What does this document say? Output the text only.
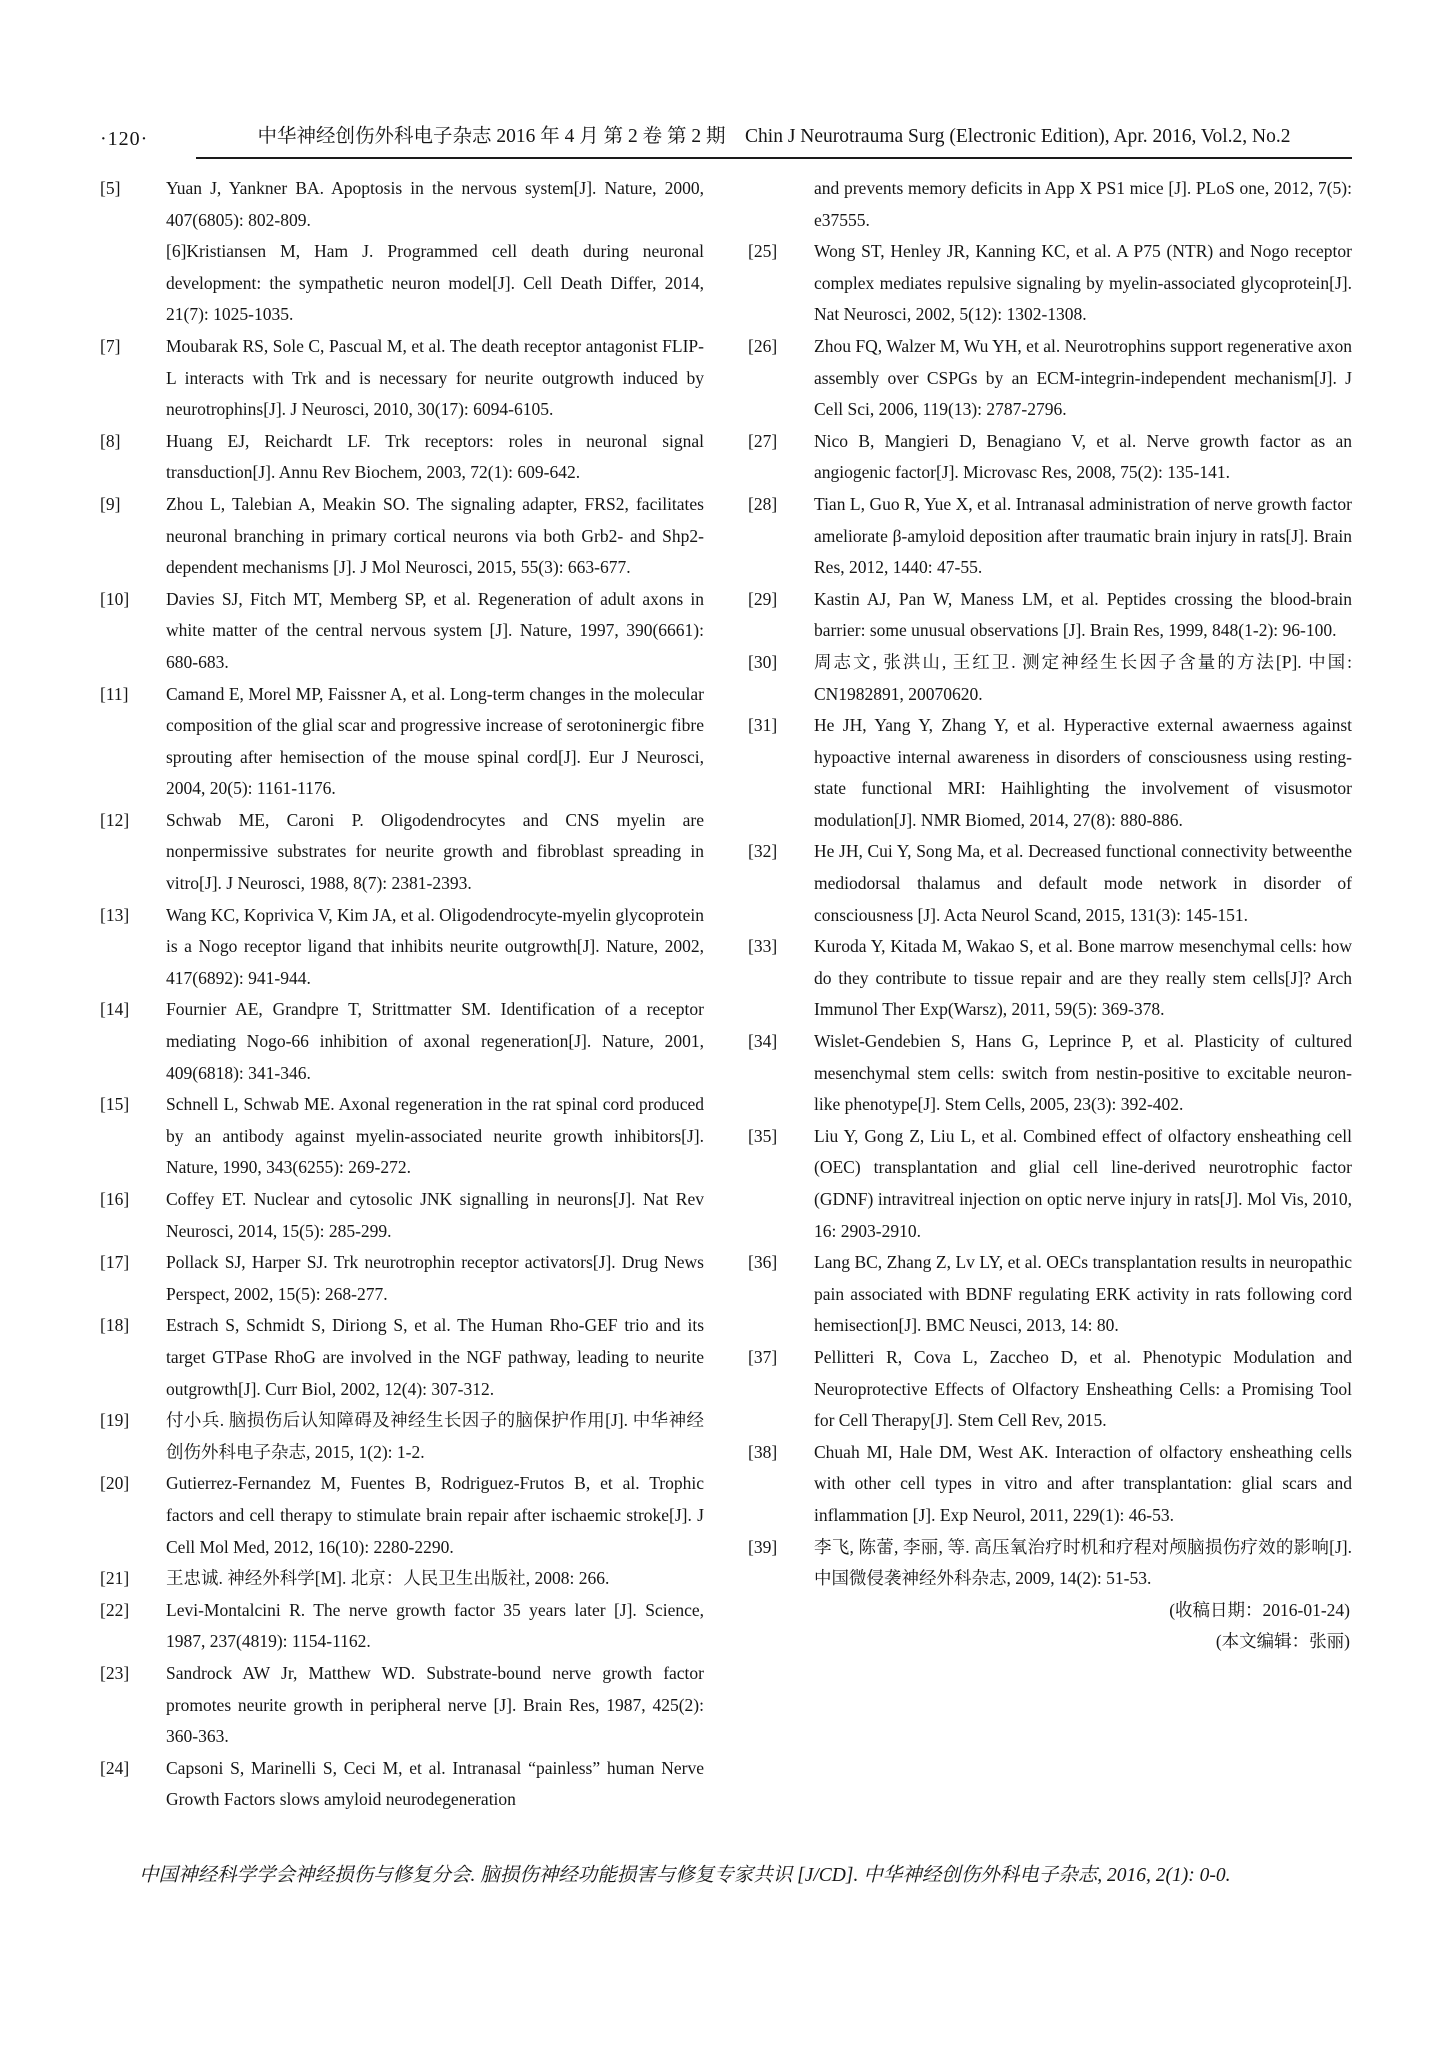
·120·	中华神经创伤外科电子杂志 2016 年 4 月 第 2 卷 第 2 期　Chin J Neurotrauma Surg (Electronic Edition), Apr. 2016, Vol.2, No.2
[5]	Yuan J, Yankner BA. Apoptosis in the nervous system[J]. Nature, 2000, 407(6805): 802-809.
[6]Kristiansen M, Ham J. Programmed cell death during neuronal development: the sympathetic neuron model[J]. Cell Death Differ, 2014, 21(7): 1025-1035.
[7]	Moubarak RS, Sole C, Pascual M, et al. The death receptor antagonist FLIP-L interacts with Trk and is necessary for neurite outgrowth induced by neurotrophins[J]. J Neurosci, 2010, 30(17): 6094-6105.
[8]	Huang EJ, Reichardt LF. Trk receptors: roles in neuronal signal transduction[J]. Annu Rev Biochem, 2003, 72(1): 609-642.
[9]	Zhou L, Talebian A, Meakin SO. The signaling adapter, FRS2, facilitates neuronal branching in primary cortical neurons via both Grb2- and Shp2-dependent mechanisms [J]. J Mol Neurosci, 2015, 55(3): 663-677.
[10]	Davies SJ, Fitch MT, Memberg SP, et al. Regeneration of adult axons in white matter of the central nervous system [J]. Nature, 1997, 390(6661): 680-683.
[11]	Camand E, Morel MP, Faissner A, et al. Long-term changes in the molecular composition of the glial scar and progressive increase of serotoninergic fibre sprouting after hemisection of the mouse spinal cord[J]. Eur J Neurosci, 2004, 20(5): 1161-1176.
[12]	Schwab ME, Caroni P. Oligodendrocytes and CNS myelin are nonpermissive substrates for neurite growth and fibroblast spreading in vitro[J]. J Neurosci, 1988, 8(7): 2381-2393.
[13]	Wang KC, Koprivica V, Kim JA, et al. Oligodendrocyte-myelin glycoprotein is a Nogo receptor ligand that inhibits neurite outgrowth[J]. Nature, 2002, 417(6892): 941-944.
[14]	Fournier AE, Grandpre T, Strittmatter SM. Identification of a receptor mediating Nogo-66 inhibition of axonal regeneration[J]. Nature, 2001, 409(6818): 341-346.
[15]	Schnell L, Schwab ME. Axonal regeneration in the rat spinal cord produced by an antibody against myelin-associated neurite growth inhibitors[J]. Nature, 1990, 343(6255): 269-272.
[16]	Coffey ET. Nuclear and cytosolic JNK signalling in neurons[J]. Nat Rev Neurosci, 2014, 15(5): 285-299.
[17]	Pollack SJ, Harper SJ. Trk neurotrophin receptor activators[J]. Drug News Perspect, 2002, 15(5): 268-277.
[18]	Estrach S, Schmidt S, Diriong S, et al. The Human Rho-GEF trio and its target GTPase RhoG are involved in the NGF pathway, leading to neurite outgrowth[J]. Curr Biol, 2002, 12(4): 307-312.
[19]	付小兵. 脑损伤后认知障碍及神经生长因子的脑保护作用[J]. 中华神经创伤外科电子杂志, 2015, 1(2): 1-2.
[20]	Gutierrez-Fernandez M, Fuentes B, Rodriguez-Frutos B, et al. Trophic factors and cell therapy to stimulate brain repair after ischaemic stroke[J]. J Cell Mol Med, 2012, 16(10): 2280-2290.
[21]	王忠诚. 神经外科学[M]. 北京：人民卫生出版社, 2008: 266.
[22]	Levi-Montalcini R. The nerve growth factor 35 years later [J]. Science, 1987, 237(4819): 1154-1162.
[23]	Sandrock AW Jr, Matthew WD. Substrate-bound nerve growth factor promotes neurite growth in peripheral nerve [J]. Brain Res, 1987, 425(2): 360-363.
[24]	Capsoni S, Marinelli S, Ceci M, et al. Intranasal “painless” human Nerve Growth Factors slows amyloid neurodegeneration
and prevents memory deficits in App X PS1 mice [J]. PLoS one, 2012, 7(5): e37555.
[25]	Wong ST, Henley JR, Kanning KC, et al. A P75 (NTR) and Nogo receptor complex mediates repulsive signaling by myelin-associated glycoprotein[J]. Nat Neurosci, 2002, 5(12): 1302-1308.
[26]	Zhou FQ, Walzer M, Wu YH, et al. Neurotrophins support regenerative axon assembly over CSPGs by an ECM-integrin-independent mechanism[J]. J Cell Sci, 2006, 119(13): 2787-2796.
[27]	Nico B, Mangieri D, Benagiano V, et al. Nerve growth factor as an angiogenic factor[J]. Microvasc Res, 2008, 75(2): 135-141.
[28]	Tian L, Guo R, Yue X, et al. Intranasal administration of nerve growth factor ameliorate β-amyloid deposition after traumatic brain injury in rats[J]. Brain Res, 2012, 1440: 47-55.
[29]	Kastin AJ, Pan W, Maness LM, et al. Peptides crossing the blood-brain barrier: some unusual observations [J]. Brain Res, 1999, 848(1-2): 96-100.
[30]	周志文, 张洪山, 王红卫. 测定神经生长因子含量的方法[P]. 中国: CN1982891, 20070620.
[31]	He JH, Yang Y, Zhang Y, et al. Hyperactive external awaerness against hypoactive internal awareness in disorders of consciousness using resting-state functional MRI: Haihlighting the involvement of visusmotor modulation[J]. NMR Biomed, 2014, 27(8): 880-886.
[32]	He JH, Cui Y, Song Ma, et al. Decreased functional connectivity betweenthe mediodorsal thalamus and default mode network in disorder of consciousness [J]. Acta Neurol Scand, 2015, 131(3): 145-151.
[33]	Kuroda Y, Kitada M, Wakao S, et al. Bone marrow mesenchymal cells: how do they contribute to tissue repair and are they really stem cells[J]? Arch Immunol Ther Exp(Warsz), 2011, 59(5): 369-378.
[34]	Wislet-Gendebien S, Hans G, Leprince P, et al. Plasticity of cultured mesenchymal stem cells: switch from nestin-positive to excitable neuron-like phenotype[J]. Stem Cells, 2005, 23(3): 392-402.
[35]	Liu Y, Gong Z, Liu L, et al. Combined effect of olfactory ensheathing cell (OEC) transplantation and glial cell line-derived neurotrophic factor (GDNF) intravitreal injection on optic nerve injury in rats[J]. Mol Vis, 2010, 16: 2903-2910.
[36]	Lang BC, Zhang Z, Lv LY, et al. OECs transplantation results in neuropathic pain associated with BDNF regulating ERK activity in rats following cord hemisection[J]. BMC Neusci, 2013, 14: 80.
[37]	Pellitteri R, Cova L, Zaccheo D, et al. Phenotypic Modulation and Neuroprotective Effects of Olfactory Ensheathing Cells: a Promising Tool for Cell Therapy[J]. Stem Cell Rev, 2015.
[38]	Chuah MI, Hale DM, West AK. Interaction of olfactory ensheathing cells with other cell types in vitro and after transplantation: glial scars and inflammation [J]. Exp Neurol, 2011, 229(1): 46-53.
[39]	李飞, 陈蕾, 李丽, 等. 高压氧治疗时机和疗程对颅脑损伤疗效的影响[J]. 中国微侵袭神经外科杂志, 2009, 14(2): 51-53.
(收稿日期：2016-01-24)
(本文编辑：张丽)
中国神经科学学会神经损伤与修复分会. 脑损伤神经功能损害与修复专家共识 [J/CD]. 中华神经创伤外科电子杂志, 2016, 2(1): 0-0.
